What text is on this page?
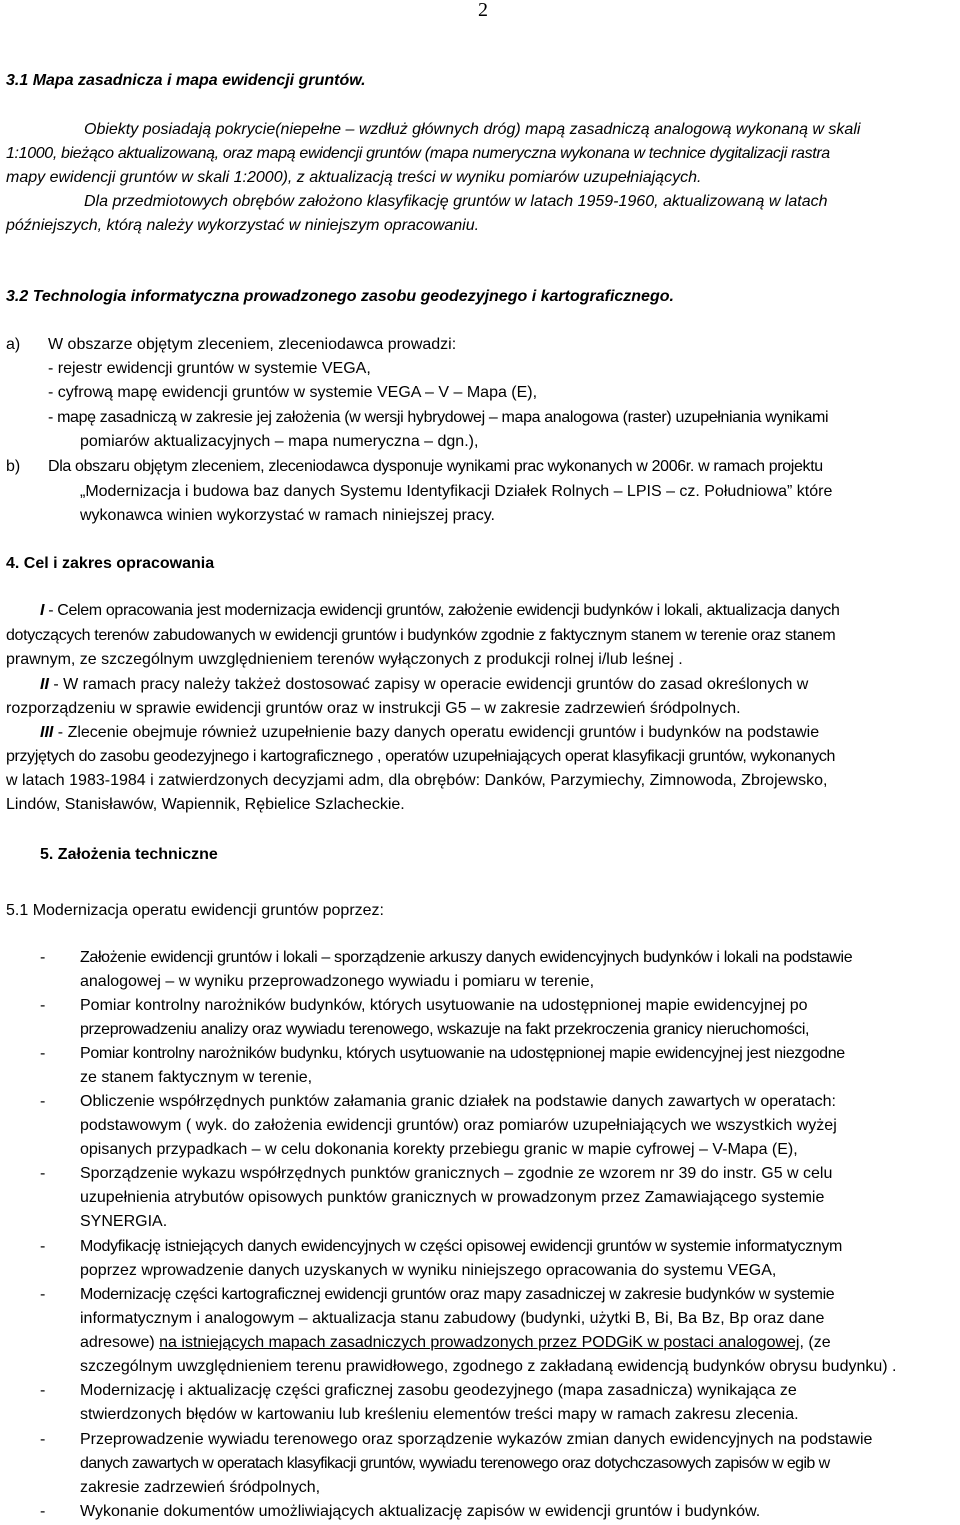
2
3.1 Mapa zasadnicza i mapa ewidencji gruntów.
Obiekty posiadają pokrycie(niepełne – wzdłuż głównych dróg) mapą zasadniczą analogową wykonaną w skali
1:1000, bieżąco aktualizowaną, oraz mapą ewidencji gruntów (mapa numeryczna wykonana w technice dygitalizacji rastra
mapy ewidencji gruntów w skali 1:2000), z aktualizacją treści w wyniku pomiarów uzupełniających.
Dla przedmiotowych obrębów założono klasyfikację gruntów w latach 1959-1960, aktualizowaną w latach
późniejszych, którą należy wykorzystać w niniejszym opracowaniu.
3.2 Technologia informatyczna prowadzonego zasobu geodezyjnego i kartograficznego.
a)	W obszarze objętym zleceniem, zleceniodawca prowadzi:
- rejestr ewidencji gruntów w systemie VEGA,
- cyfrową mapę ewidencji gruntów w systemie VEGA – V – Mapa (E),
- mapę zasadniczą w zakresie jej założenia (w wersji hybrydowej – mapa analogowa (raster) uzupełniania wynikami
pomiarów aktualizacyjnych – mapa numeryczna – dgn.),
b)	Dla obszaru objętym zleceniem, zleceniodawca dysponuje wynikami prac wykonanych w 2006r. w ramach projektu
„Modernizacja i budowa baz danych Systemu Identyfikacji Działek Rolnych – LPIS – cz. Południowa” które
wykonawca winien wykorzystać w ramach niniejszej pracy.
4. Cel i zakres opracowania
I - Celem opracowania jest modernizacja ewidencji gruntów, założenie ewidencji budynków i lokali, aktualizacja danych
dotyczących terenów zabudowanych w ewidencji gruntów i budynków zgodnie z faktycznym stanem w terenie oraz stanem
prawnym, ze szczególnym uwzględnieniem terenów wyłączonych z produkcji rolnej i/lub leśnej .
II - W ramach pracy należy takżeż dostosować zapisy w operacie ewidencji gruntów do zasad określonych w
rozporządzeniu w sprawie ewidencji gruntów oraz w instrukcji G5 – w zakresie zadrzewień śródpolnych.
III - Zlecenie obejmuje również uzupełnienie bazy danych operatu ewidencji gruntów i budynków na podstawie
przyjętych do zasobu geodezyjnego i kartograficznego , operatów uzupełniających operat klasyfikacji gruntów, wykonanych
w latach 1983-1984 i zatwierdzonych decyzjami adm, dla obrębów: Danków, Parzymiechy, Zimnowoda, Zbrojewsko,
Lindów, Stanisławów, Wapiennik, Rębielice Szlacheckie.
5. Założenia techniczne
5.1 Modernizacja operatu ewidencji gruntów poprzez:
- Założenie ewidencji gruntów i lokali – sporządzenie arkuszy danych ewidencyjnych budynków i lokali na podstawie
analogowej – w wyniku przeprowadzonego wywiadu i pomiaru w terenie,
- Pomiar kontrolny narożników budynków, których usytuowanie na udostępnionej mapie ewidencyjnej po
przeprowadzeniu analizy oraz wywiadu terenowego, wskazuje na fakt przekroczenia granicy nieruchomości,
- Pomiar kontrolny narożników budynku, których usytuowanie na udostępnionej mapie ewidencyjnej jest niezgodne
ze stanem faktycznym w terenie,
- Obliczenie współrzędnych punktów załamania granic działek na podstawie danych zawartych w operatach:
podstawowym ( wyk. do założenia ewidencji gruntów) oraz pomiarów uzupełniających we wszystkich wyżej
opisanych przypadkach – w celu dokonania korekty przebiegu granic w mapie cyfrowej – V-Mapa (E),
- Sporządzenie wykazu współrzędnych punktów granicznych – zgodnie ze wzorem nr 39 do instr. G5 w celu
uzupełnienia atrybutów opisowych punktów granicznych w prowadzonym przez Zamawiającego systemie
SYNERGIA.
- Modyfikację istniejących danych ewidencyjnych w części opisowej ewidencji gruntów w systemie informatycznym
poprzez wprowadzenie danych uzyskanych w wyniku niniejszego opracowania do systemu VEGA,
- Modernizację części kartograficznej ewidencji gruntów oraz mapy zasadniczej w zakresie budynków w systemie
informatycznym i analogowym – aktualizacja stanu zabudowy (budynki, użytki B, Bi, Ba Bz, Bp oraz dane
adresowe) na istniejących mapach zasadniczych prowadzonych przez PODGiK w postaci analogowej, (ze
szczególnym uwzględnieniem terenu prawidłowego, zgodnego z zakładaną ewidencją budynków obrysu budynku) .
- Modernizację i aktualizację części graficznej zasobu geodezyjnego (mapa zasadnicza) wynikająca ze
stwierdzonych błędów w kartowaniu lub kreśleniu elementów treści mapy w ramach zakresu zlecenia.
- Przeprowadzenie wywiadu terenowego oraz sporządzenie wykazów zmian danych ewidencyjnych na podstawie
danych zawartych w operatach klasyfikacji gruntów, wywiadu terenowego oraz dotychczasowych zapisów w egib w
zakresie zadrzewień śródpolnych,
- Wykonanie dokumentów umożliwiających aktualizację zapisów w ewidencji gruntów i budynków.
